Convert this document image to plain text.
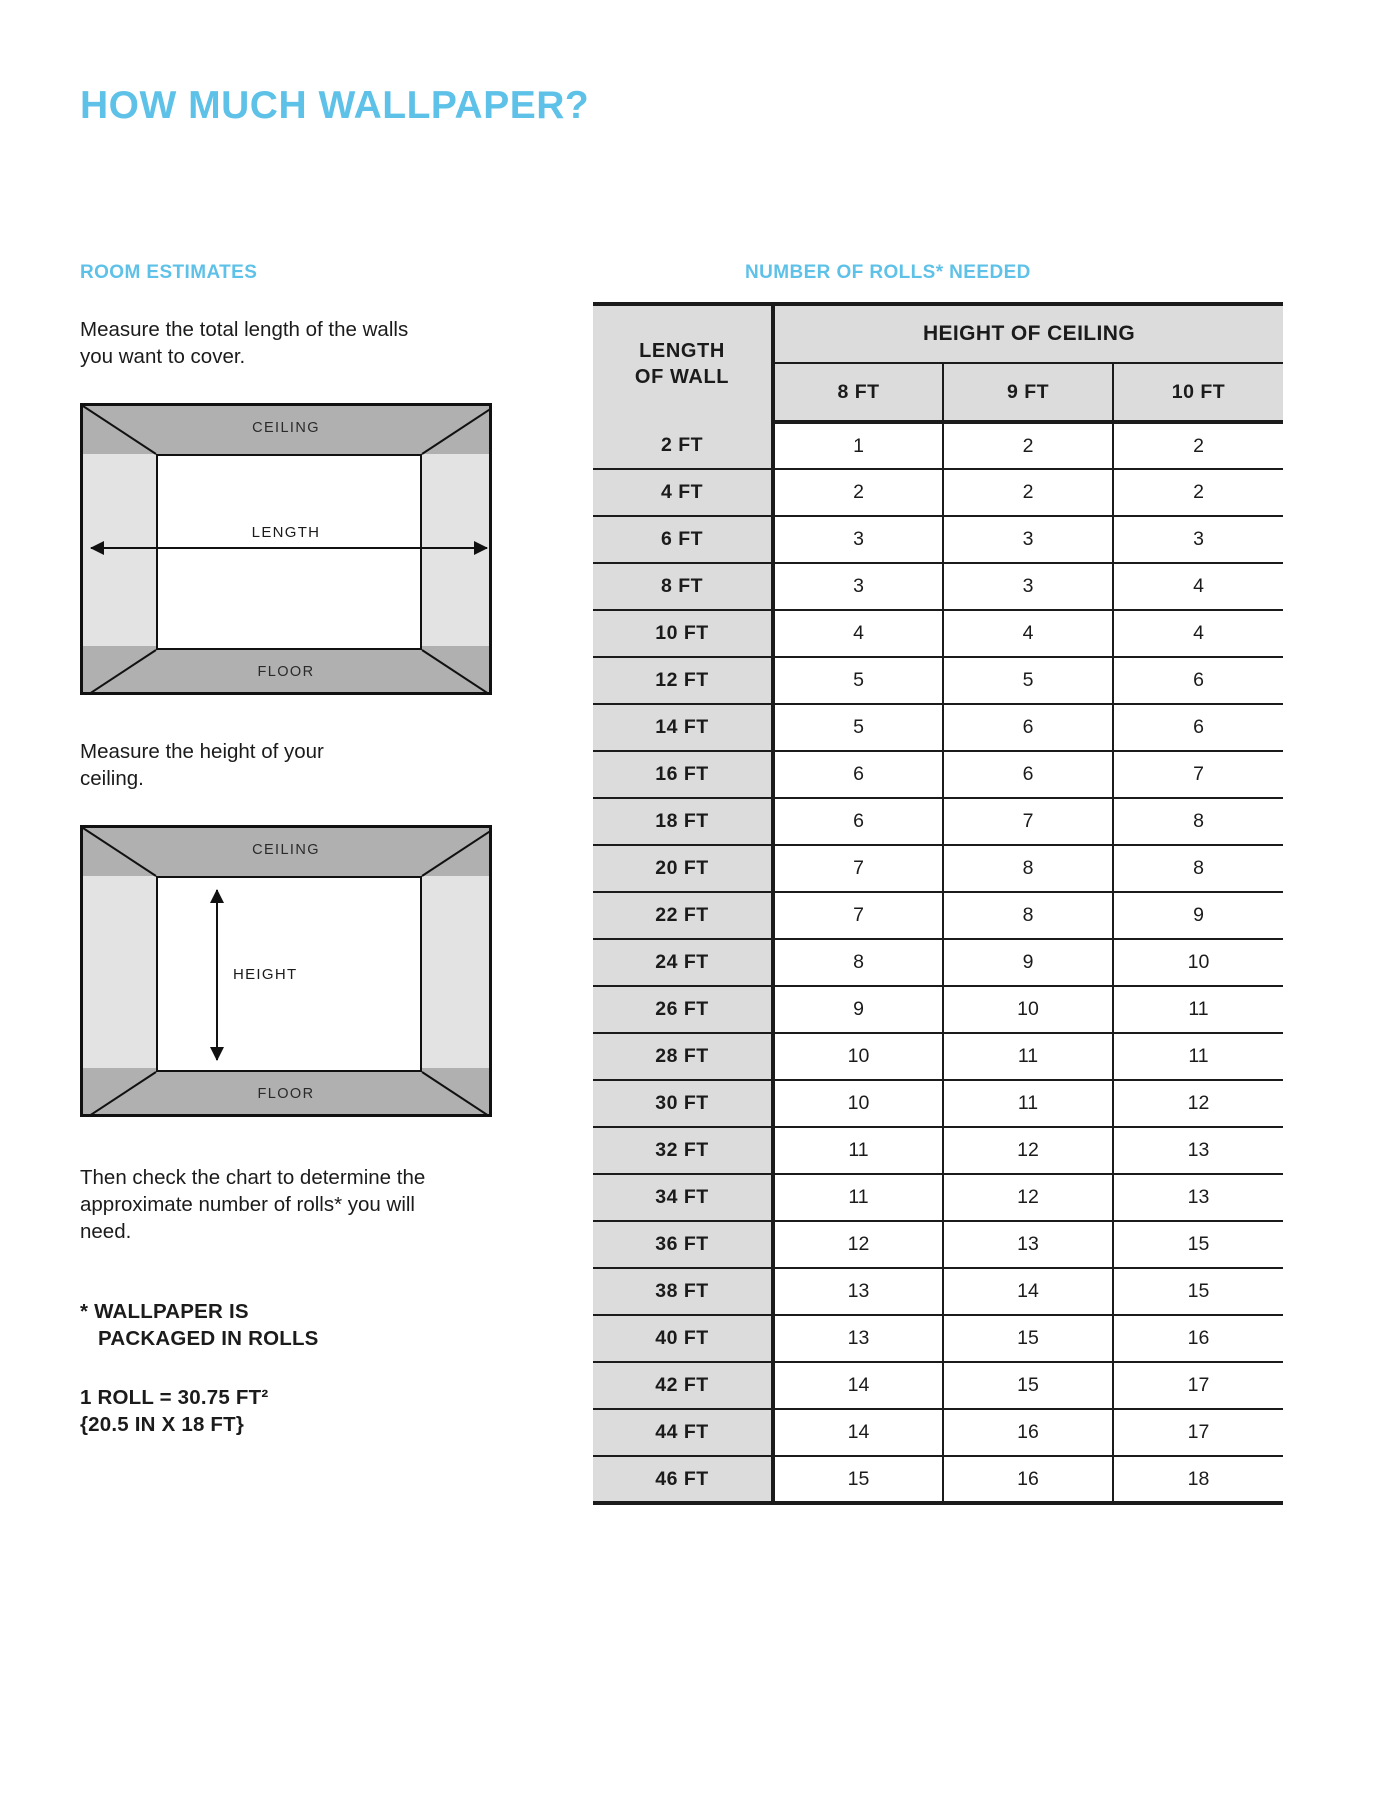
HOW MUCH WALLPAPER?
ROOM ESTIMATES

Measure the total length of the walls you want to cover.

CEILING
FLOOR
LENGTH

Measure the height of your ceiling.

CEILING
FLOOR
HEIGHT

Then check the chart to determine the approximate number of rolls* you will need.

* WALLPAPER IS
PACKAGED IN ROLLS
1 ROLL = 30.75 FT²
{20.5 IN X 18 FT}
NUMBER OF ROLLS* NEEDED
LENGTH
OF WALL	HEIGHT OF CEILING		
	8 FT	9 FT	10 FT
2 FT	1	2	2
4 FT	2	2	2
6 FT	3	3	3
8 FT	3	3	4
10 FT	4	4	4
12 FT	5	5	6
14 FT	5	6	6
16 FT	6	6	7
18 FT	6	7	8
20 FT	7	8	8
22 FT	7	8	9
24 FT	8	9	10
26 FT	9	10	11
28 FT	10	11	11
30 FT	10	11	12
32 FT	11	12	13
34 FT	11	12	13
36 FT	12	13	15
38 FT	13	14	15
40 FT	13	15	16
42 FT	14	15	17
44 FT	14	16	17
46 FT	15	16	18
